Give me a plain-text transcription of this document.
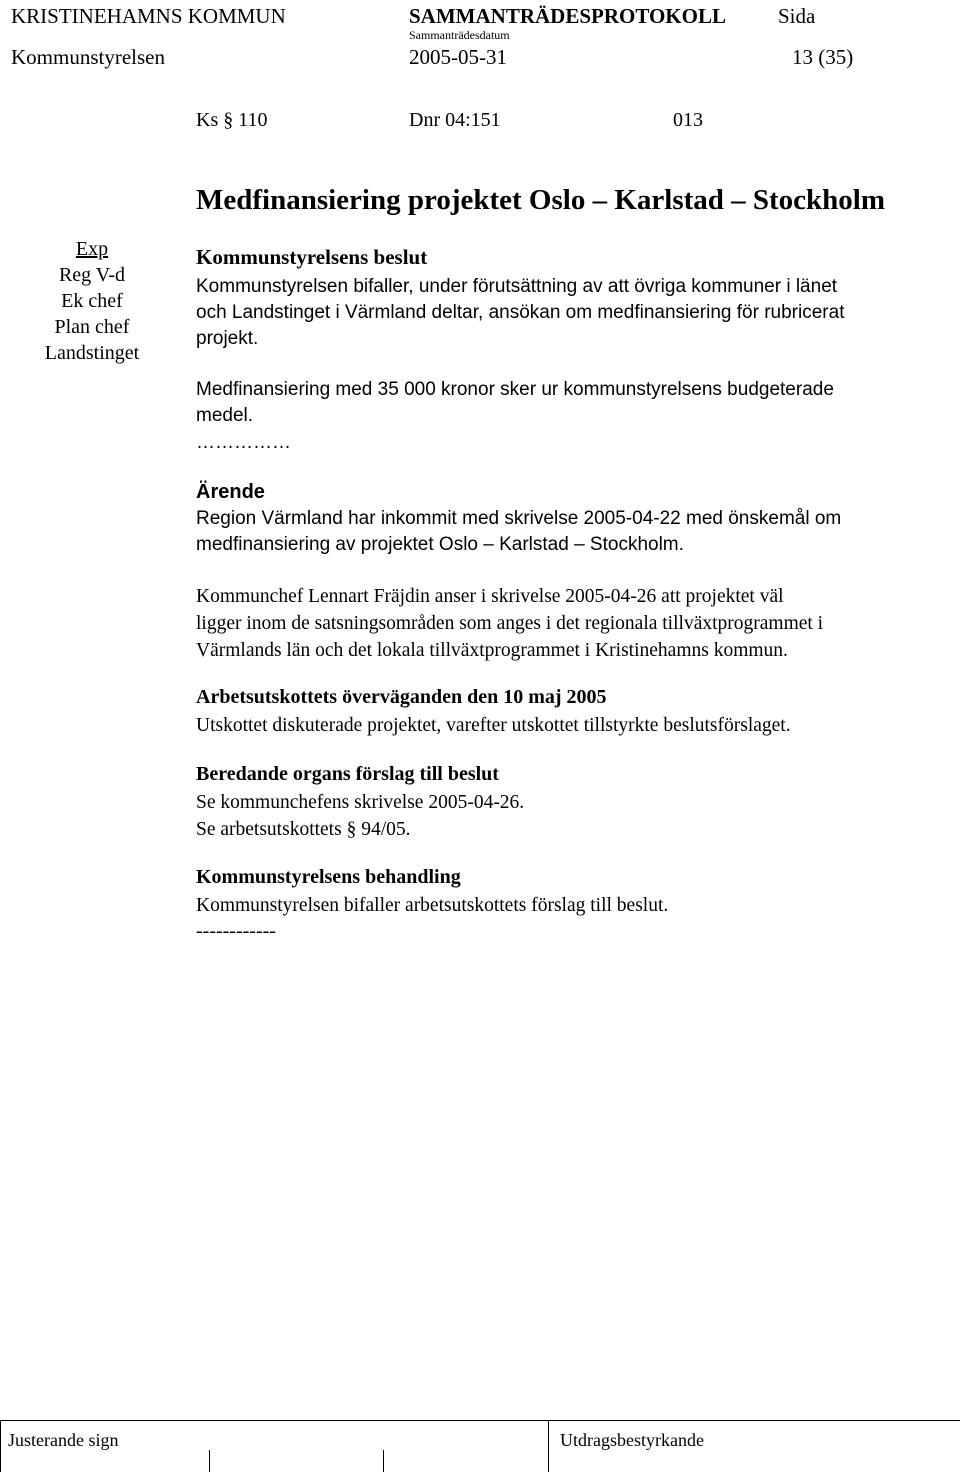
KRISTINEHAMNS KOMMUN	SAMMANTRÄDESPROTOKOLL Sida
Sammanträdesdatum
Kommunstyrelsen	2005-05-31	13 (35)
Ks § 110	Dnr 04:151	013
Medfinansiering projektet Oslo – Karlstad – Stockholm
Exp
Reg V-d
Ek chef
Plan chef
Landstinget
Kommunstyrelsens beslut
Kommunstyrelsen bifaller, under förutsättning av att övriga kommuner i länet
och Landstinget i Värmland deltar, ansökan om medfinansiering för rubricerat
projekt.
Medfinansiering med 35 000 kronor sker ur kommunstyrelsens budgeterade
medel.
……………
Ärende
Region Värmland har inkommit med skrivelse 2005-04-22 med önskemål om
medfinansiering av projektet Oslo – Karlstad – Stockholm.
Kommunchef Lennart Fräjdin anser i skrivelse 2005-04-26 att projektet väl
ligger inom de satsningsområden som anges i det regionala tillväxtprogrammet i
Värmlands län och det lokala tillväxtprogrammet i Kristinehamns kommun.
Arbetsutskottets överväganden den 10 maj 2005
Utskottet diskuterade projektet, varefter utskottet tillstyrkte beslutsförslaget.
Beredande organs förslag till beslut
Se kommunchefens skrivelse 2005-04-26.
Se arbetsutskottets § 94/05.
Kommunstyrelsens behandling
Kommunstyrelsen bifaller arbetsutskottets förslag till beslut.
------------
Justerande sign	Utdragsbestyrkande
